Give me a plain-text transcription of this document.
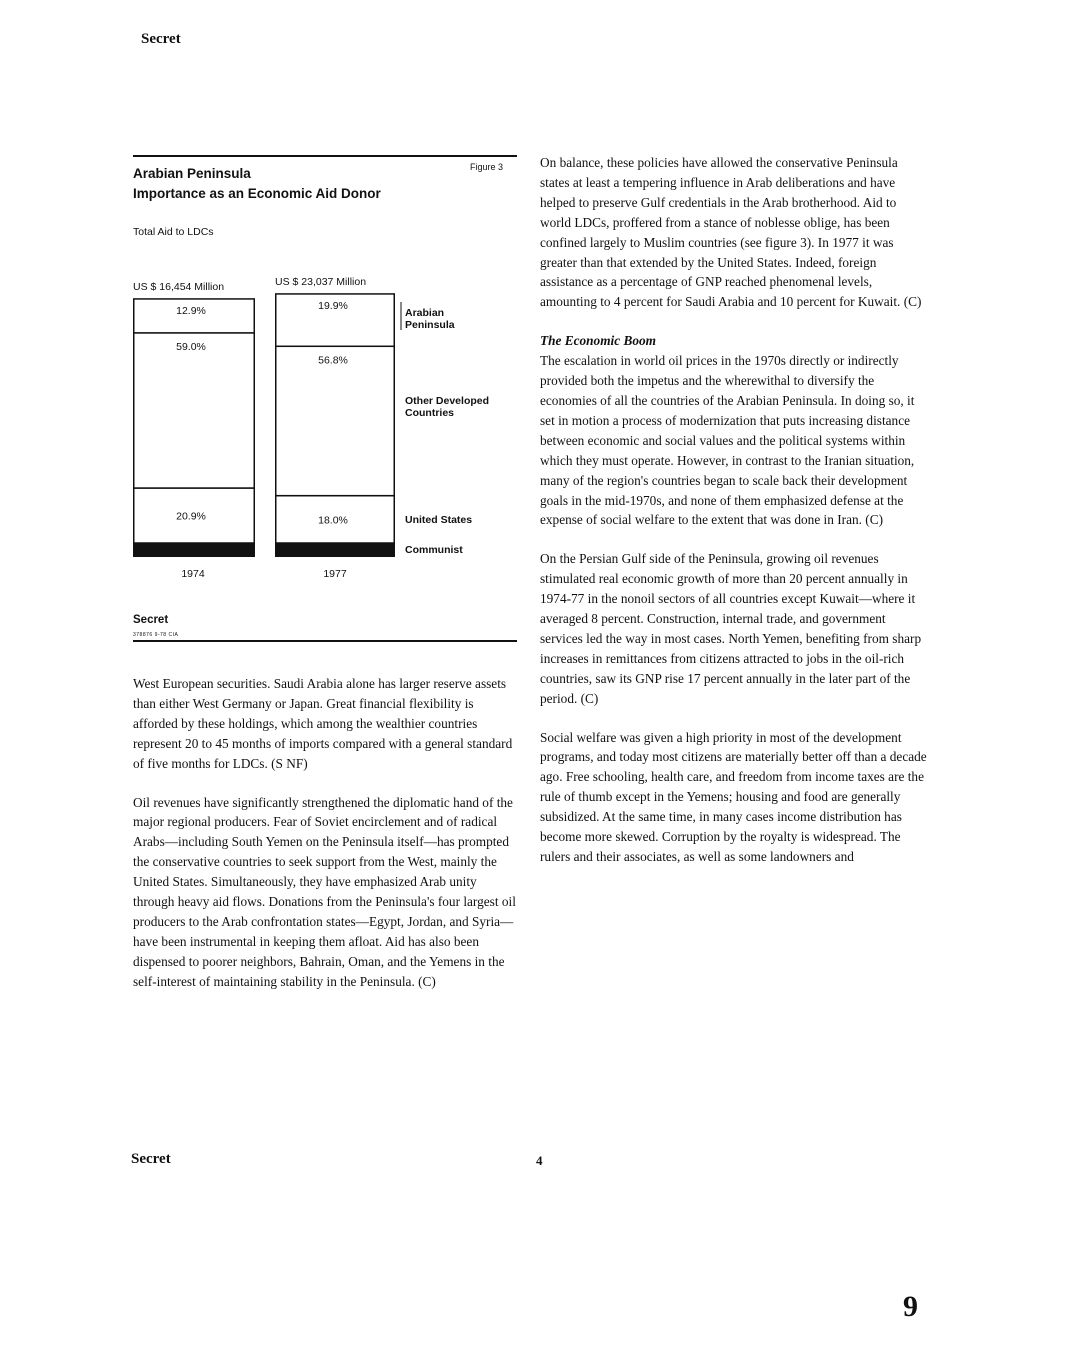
Secret
Arabian Peninsula
Importance as an Economic Aid Donor
Figure 3
Total Aid to LDCs
20.9%
59.0%
12.9%
US $ 16,454 Million
1974
18.0%
56.8%
19.9%
US $ 23,037 Million
1977
Arabian
Peninsula
Other Developed
Countries
United States
Communist
Secret
378876 9-78 CIA

West European securities. Saudi Arabia alone has larger reserve assets than either West Germany or Japan. Great financial flexibility is afforded by these holdings, which among the wealthier countries represent 20 to 45 months of imports compared with a general standard of five months for LDCs. (S NF)

Oil revenues have significantly strengthened the diplomatic hand of the major regional producers. Fear of Soviet encirclement and of radical Arabs—including South Yemen on the Peninsula itself—has prompted the conservative countries to seek support from the West, mainly the United States. Simultaneously, they have emphasized Arab unity through heavy aid flows. Donations from the Peninsula's four largest oil producers to the Arab confrontation states—Egypt, Jordan, and Syria—have been instrumental in keeping them afloat. Aid has also been dispensed to poorer neighbors, Bahrain, Oman, and the Yemens in the self-interest of maintaining stability in the Peninsula. (C)

On balance, these policies have allowed the conservative Peninsula states at least a tempering influence in Arab deliberations and have helped to preserve Gulf credentials in the Arab brotherhood. Aid to world LDCs, proffered from a stance of noblesse oblige, has been confined largely to Muslim countries (see figure 3). In 1977 it was greater than that extended by the United States. Indeed, foreign assistance as a percentage of GNP reached phenomenal levels, amounting to 4 percent for Saudi Arabia and 10 percent for Kuwait. (C)

The Economic Boom

The escalation in world oil prices in the 1970s directly or indirectly provided both the impetus and the wherewithal to diversify the economies of all the countries of the Arabian Peninsula. In doing so, it set in motion a process of modernization that puts increasing distance between economic and social values and the political systems within which they must operate. However, in contrast to the Iranian situation, many of the region's countries began to scale back their development goals in the mid-1970s, and none of them emphasized defense at the expense of social welfare to the extent that was done in Iran. (C)

On the Persian Gulf side of the Peninsula, growing oil revenues stimulated real economic growth of more than 20 percent annually in 1974-77 in the nonoil sectors of all countries except Kuwait—where it averaged 8 percent. Construction, internal trade, and government services led the way in most cases. North Yemen, benefiting from sharp increases in remittances from citizens attracted to jobs in the oil-rich countries, saw its GNP rise 17 percent annually in the later part of the period. (C)

Social welfare was given a high priority in most of the development programs, and today most citizens are materially better off than a decade ago. Free schooling, health care, and freedom from income taxes are the rule of thumb except in the Yemens; housing and food are generally subsidized. At the same time, in many cases income distribution has become more skewed. Corruption by the royalty is widespread. The rulers and their associates, as well as some landowners and

Secret	4
9
